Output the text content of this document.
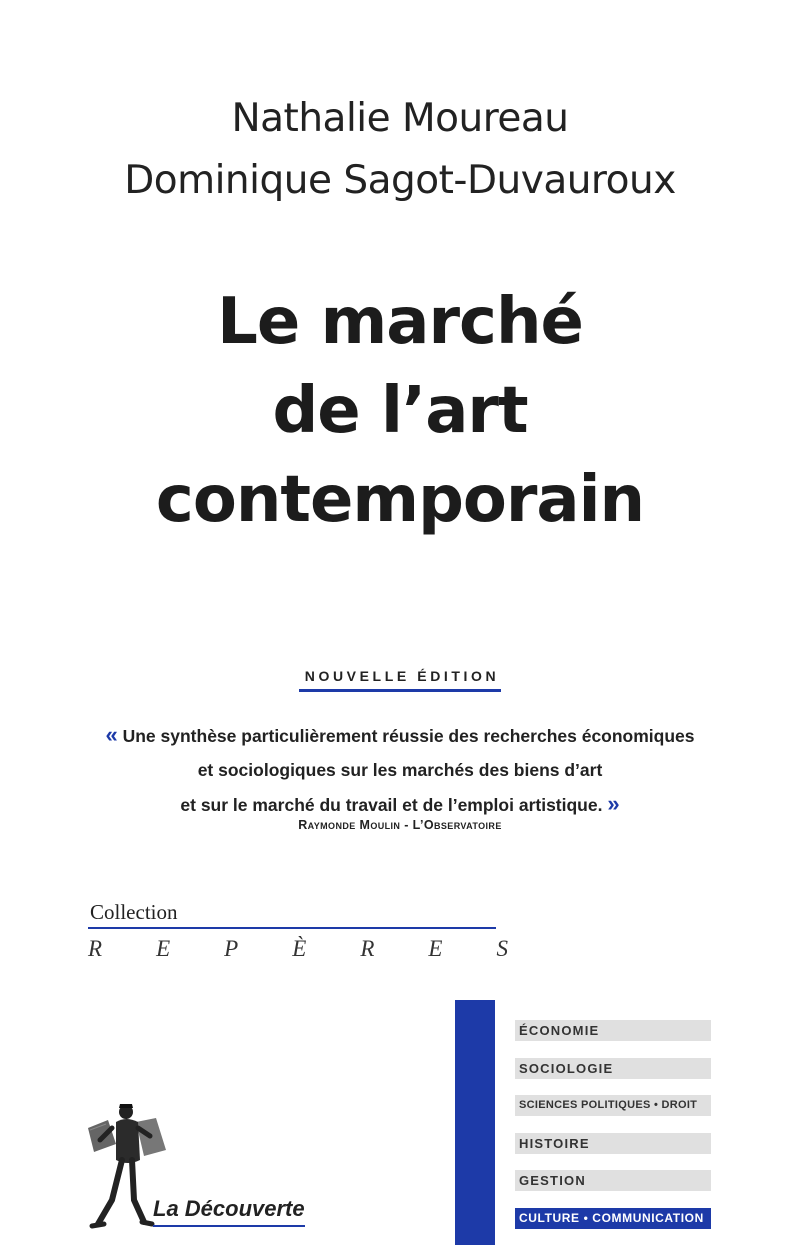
Nathalie Moureau
Dominique Sagot-Duvauroux
Le marché
de l’art
contemporain
NOUVELLE ÉDITION
« Une synthèse particulièrement réussie des recherches économiques
et sociologiques sur les marchés des biens d’art
et sur le marché du travail et de l’emploi artistique. »
Raymonde Moulin - L’Observatoire
Collection
R E P È R E S
ÉCONOMIE
SOCIOLOGIE
SCIENCES POLITIQUES • DROIT
HISTOIRE
GESTION
CULTURE • COMMUNICATION
La Découverte
